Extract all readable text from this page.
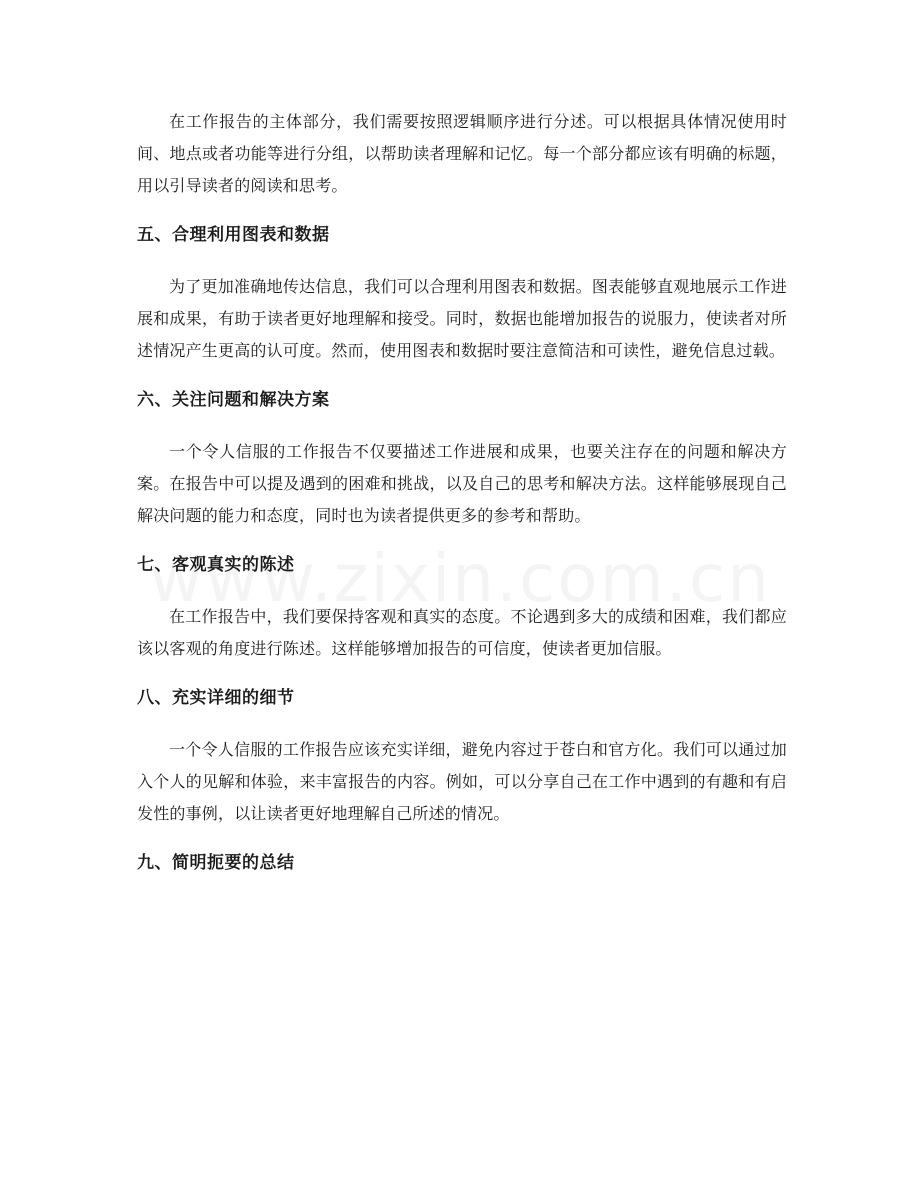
在工作报告的主体部分，我们需要按照逻辑顺序进行分述。可以根据具体情况使用时间、地点或者功能等进行分组，以帮助读者理解和记忆。每一个部分都应该有明确的标题，用以引导读者的阅读和思考。

五、合理利用图表和数据

为了更加准确地传达信息，我们可以合理利用图表和数据。图表能够直观地展示工作进展和成果，有助于读者更好地理解和接受。同时，数据也能增加报告的说服力，使读者对所述情况产生更高的认可度。然而，使用图表和数据时要注意简洁和可读性，避免信息过载。

六、关注问题和解决方案

一个令人信服的工作报告不仅要描述工作进展和成果，也要关注存在的问题和解决方案。在报告中可以提及遇到的困难和挑战，以及自己的思考和解决方法。这样能够展现自己解决问题的能力和态度，同时也为读者提供更多的参考和帮助。

七、客观真实的陈述

在工作报告中，我们要保持客观和真实的态度。不论遇到多大的成绩和困难，我们都应该以客观的角度进行陈述。这样能够增加报告的可信度，使读者更加信服。

八、充实详细的细节

一个令人信服的工作报告应该充实详细，避免内容过于苍白和官方化。我们可以通过加入个人的见解和体验，来丰富报告的内容。例如，可以分享自己在工作中遇到的有趣和有启发性的事例，以让读者更好地理解自己所述的情况。

九、简明扼要的总结
